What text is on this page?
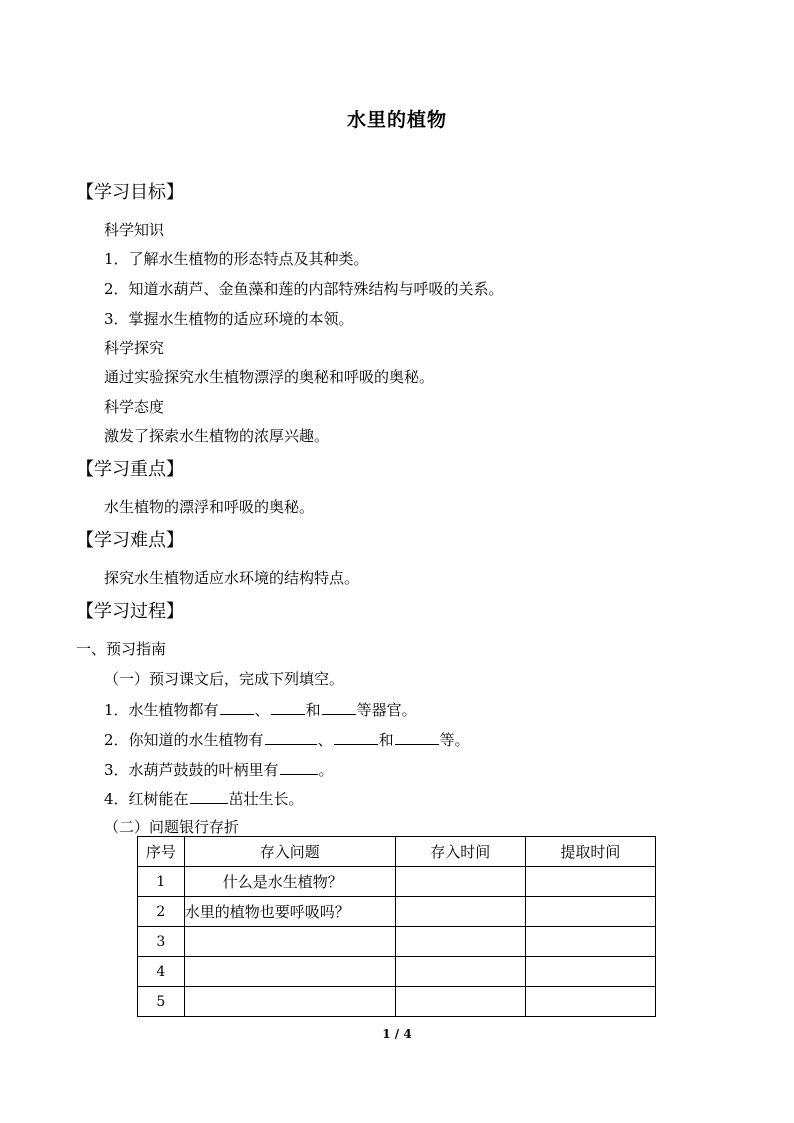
水里的植物
【学习目标】
科学知识
1．了解水生植物的形态特点及其种类。
2．知道水葫芦、金鱼藻和莲的内部特殊结构与呼吸的关系。
3．掌握水生植物的适应环境的本领。
科学探究
通过实验探究水生植物漂浮的奥秘和呼吸的奥秘。
科学态度
激发了探索水生植物的浓厚兴趣。
【学习重点】
水生植物的漂浮和呼吸的奥秘。
【学习难点】
探究水生植物适应水环境的结构特点。
【学习过程】
一、预习指南
（一）预习课文后，完成下列填空。
1．水生植物都有 、 和 等器官。
2．你知道的水生植物有	、	和	等。
3．水葫芦鼓鼓的叶柄里有	。
4．红树能在	茁壮生长。
（二）问题银行存折
序号	存入问题	存入时间	提取时间
1	什么是水生植物？		
2	水里的植物也要呼吸吗？		
3			
4			
5			
1 / 4
